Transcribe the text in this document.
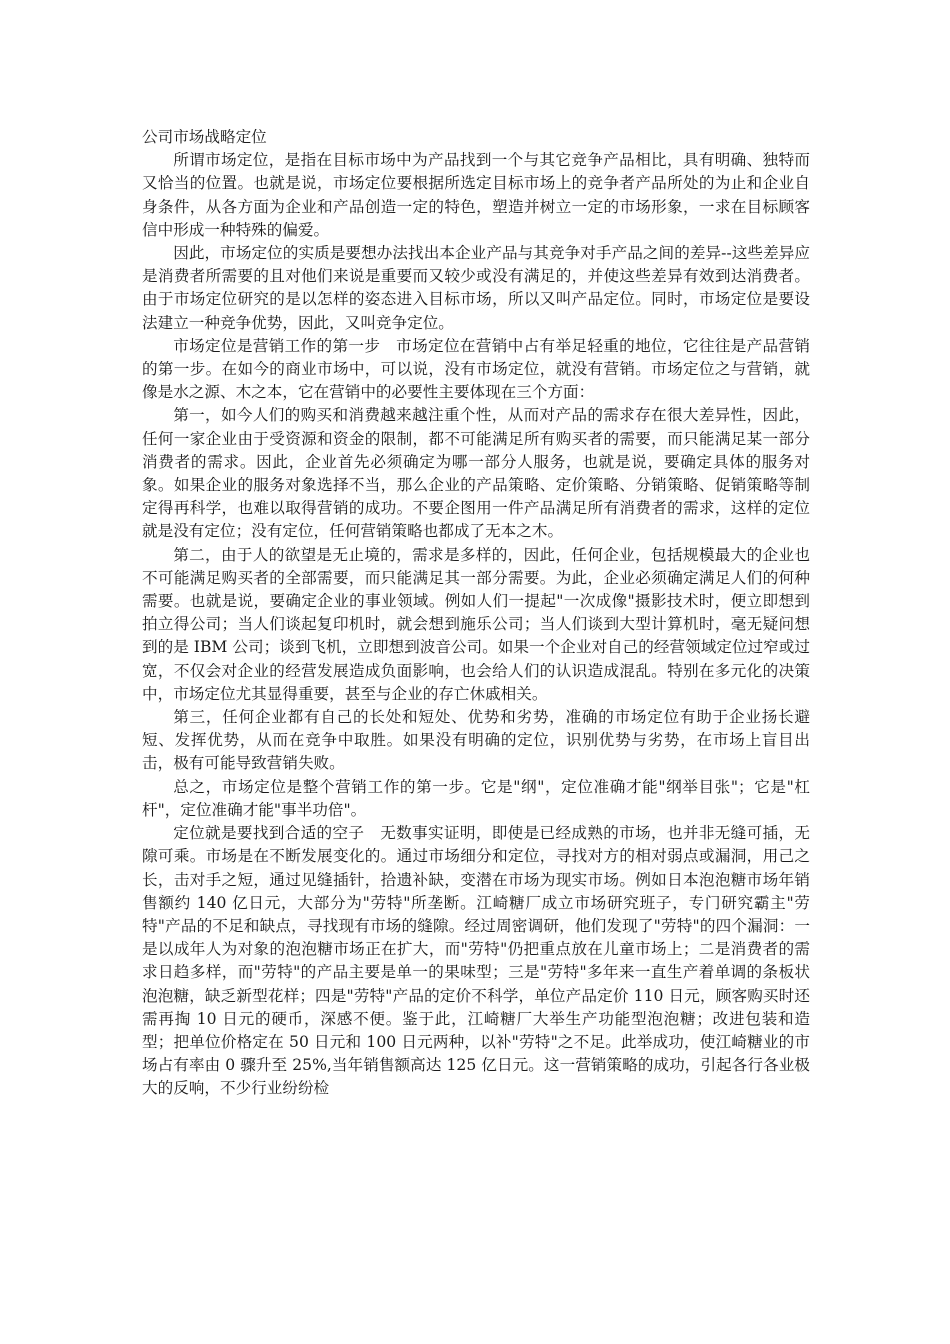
公司市场战略定位

所谓市场定位，是指在目标市场中为产品找到一个与其它竞争产品相比，具有明确、独特而又恰当的位置。也就是说，市场定位要根据所选定目标市场上的竞争者产品所处的为止和企业自身条件，从各方面为企业和产品创造一定的特色，塑造并树立一定的市场形象，一求在目标顾客信中形成一种特殊的偏爱。

因此，市场定位的实质是要想办法找出本企业产品与其竞争对手产品之间的差异--这些差异应是消费者所需要的且对他们来说是重要而又较少或没有满足的，并使这些差异有效到达消费者。由于市场定位研究的是以怎样的姿态进入目标市场，所以又叫产品定位。同时，市场定位是要设法建立一种竞争优势，因此，又叫竞争定位。

市场定位是营销工作的第一步　市场定位在营销中占有举足轻重的地位，它往往是产品营销的第一步。在如今的商业市场中，可以说，没有市场定位，就没有营销。市场定位之与营销，就像是水之源、木之本，它在营销中的必要性主要体现在三个方面：

第一，如今人们的购买和消费越来越注重个性，从而对产品的需求存在很大差异性，因此，任何一家企业由于受资源和资金的限制，都不可能满足所有购买者的需要，而只能满足某一部分消费者的需求。因此，企业首先必须确定为哪一部分人服务，也就是说，要确定具体的服务对象。如果企业的服务对象选择不当，那么企业的产品策略、定价策略、分销策略、促销策略等制定得再科学，也难以取得营销的成功。不要企图用一件产品满足所有消费者的需求，这样的定位就是没有定位；没有定位，任何营销策略也都成了无本之木。

第二，由于人的欲望是无止境的，需求是多样的，因此，任何企业，包括规模最大的企业也不可能满足购买者的全部需要，而只能满足其一部分需要。为此，企业必须确定满足人们的何种需要。也就是说，要确定企业的事业领域。例如人们一提起"一次成像"摄影技术时，便立即想到拍立得公司；当人们谈起复印机时，就会想到施乐公司；当人们谈到大型计算机时，毫无疑问想到的是 IBM 公司；谈到飞机，立即想到波音公司。如果一个企业对自己的经营领域定位过窄或过宽，不仅会对企业的经营发展造成负面影响，也会给人们的认识造成混乱。特别在多元化的决策中，市场定位尤其显得重要，甚至与企业的存亡休戚相关。

第三，任何企业都有自己的长处和短处、优势和劣势，准确的市场定位有助于企业扬长避短、发挥优势，从而在竞争中取胜。如果没有明确的定位，识别优势与劣势，在市场上盲目出击，极有可能导致营销失败。

总之，市场定位是整个营销工作的第一步。它是"纲"，定位准确才能"纲举目张"；它是"杠杆"，定位准确才能"事半功倍"。

定位就是要找到合适的空子　无数事实证明，即使是已经成熟的市场，也并非无缝可插，无隙可乘。市场是在不断发展变化的。通过市场细分和定位，寻找对方的相对弱点或漏洞，用己之长，击对手之短，通过见缝插针，拾遗补缺，变潜在市场为现实市场。例如日本泡泡糖市场年销售额约 140 亿日元，大部分为"劳特"所垄断。江崎糖厂成立市场研究班子，专门研究霸主"劳特"产品的不足和缺点，寻找现有市场的缝隙。经过周密调研，他们发现了"劳特"的四个漏洞：一是以成年人为对象的泡泡糖市场正在扩大，而"劳特"仍把重点放在儿童市场上；二是消费者的需求日趋多样，而"劳特"的产品主要是单一的果味型；三是"劳特"多年来一直生产着单调的条板状泡泡糖，缺乏新型花样；四是"劳特"产品的定价不科学，单位产品定价 110 日元，顾客购买时还需再掏 10 日元的硬币，深感不便。鉴于此，江崎糖厂大举生产功能型泡泡糖；改进包装和造型；把单位价格定在 50 日元和 100 日元两种，以补"劳特"之不足。此举成功，使江崎糖业的市场占有率由 0 骤升至 25%,当年销售额高达 125 亿日元。这一营销策略的成功，引起各行各业极大的反响，不少行业纷纷检
